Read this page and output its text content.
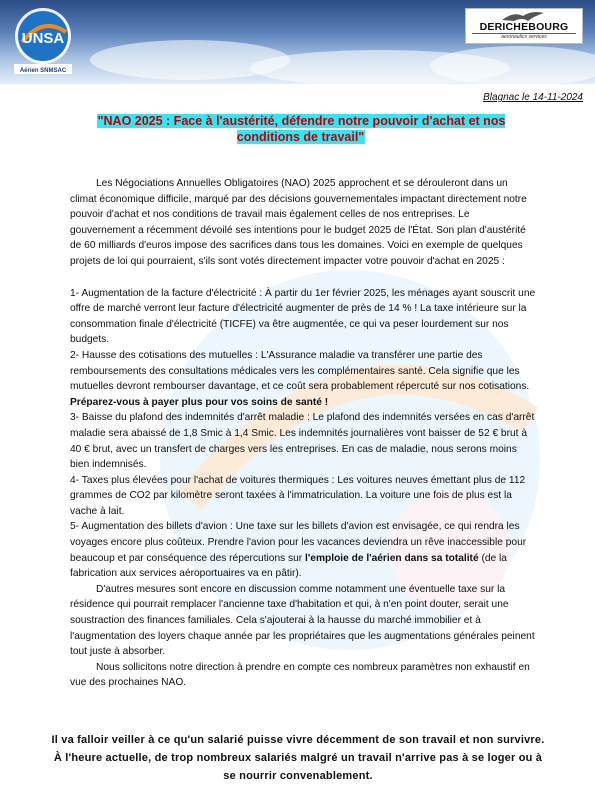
UNSA
Aérien SNMSAC
DERICHEBOURG
aeronautics services
Blagnac le 14-11-2024
"NAO 2025 : Face à l'austérité, défendre notre pouvoir d'achat et nos conditions de travail"

Les Négociations Annuelles Obligatoires (NAO) 2025 approchent et se dérouleront dans un climat économique difficile, marqué par des décisions gouvernementales impactant directement notre pouvoir d'achat et nos conditions de travail mais également celles de nos entreprises. Le gouvernement a récemment dévoilé ses intentions pour le budget 2025 de l'État. Son plan d'austérité de 60 milliards d'euros impose des sacrifices dans tous les domaines. Voici en exemple de quelques projets de loi qui pourraient, s'ils sont votés directement impacter votre pouvoir d'achat en 2025 :

1- Augmentation de la facture d'électricité : À partir du 1er février 2025, les ménages ayant souscrit une offre de marché verront leur facture d'électricité augmenter de près de 14 % ! La taxe intérieure sur la consommation finale d'électricité (TICFE) va être augmentée, ce qui va peser lourdement sur nos budgets.

2- Hausse des cotisations des mutuelles : L'Assurance maladie va transférer une partie des remboursements des consultations médicales vers les complémentaires santé. Cela signifie que les mutuelles devront rembourser davantage, et ce coût sera probablement répercuté sur nos cotisations. Préparez-vous à payer plus pour vos soins de santé !

3- Baisse du plafond des indemnités d'arrêt maladie : Le plafond des indemnités versées en cas d'arrêt maladie sera abaissé de 1,8 Smic à 1,4 Smic. Les indemnités journalières vont baisser de 52 € brut à 40 € brut, avec un transfert de charges vers les entreprises. En cas de maladie, nous serons moins bien indemnisés.

4- Taxes plus élevées pour l'achat de voitures thermiques : Les voitures neuves émettant plus de 112 grammes de CO2 par kilomètre seront taxées à l'immatriculation. La voiture une fois de plus est la vache à lait.

5- Augmentation des billets d'avion : Une taxe sur les billets d'avion est envisagée, ce qui rendra les voyages encore plus coûteux. Prendre l'avion pour les vacances deviendra un rêve inaccessible pour beaucoup et par conséquence des répercutions sur l'emploie de l'aérien dans sa totalité (de la fabrication aux services aéroportuaires va en pâtir).

D'autres mesures sont encore en discussion comme notamment une éventuelle taxe sur la résidence qui pourrait remplacer l'ancienne taxe d'habitation et qui, à n'en point douter, serait une soustraction des finances familiales. Cela s'ajouterai à la hausse du marché immobilier et à l'augmentation des loyers chaque année par les propriétaires que les augmentations générales peinent tout juste à absorber.

Nous sollicitons notre direction à prendre en compte ces nombreux paramètres non exhaustif en vue des prochaines NAO.

Il va falloir veiller à ce qu'un salarié puisse vivre décemment de son travail et non survivre. À l'heure actuelle, de trop nombreux salariés malgré un travail n'arrive pas à se loger ou à se nourrir convenablement.
